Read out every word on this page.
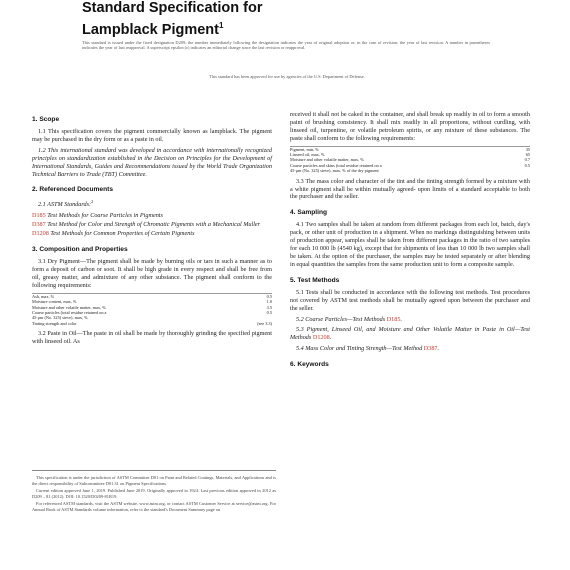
Standard Specification for
Lampblack Pigment$^1$
This standard is issued under the fixed designation D209; the number immediately following the designation indicates the year of original adoption or, in the case of revision, the year of last revision. A number in parentheses indicates the year of last reapproval. A superscript epsilon (ε) indicates an editorial change since the last revision or reapproval.
This standard has been approved for use by agencies of the U.S. Department of Defense.
1. Scope

1.1 This specification covers the pigment commercially known as lampblack. The pigment may be purchased in the dry form or as a paste in oil.

1.2 This international standard was developed in accordance with internationally recognized principles on standardization established in the Decision on Principles for the Development of International Standards, Guides and Recommendations issued by the World Trade Organization Technical Barriers to Trade (TBT) Committee.

2. Referenced Documents

2.1 ASTM Standards:$^2$

D185 Test Methods for Coarse Particles in Pigments
D387 Test Method for Color and Strength of Chromatic Pigments with a Mechanical Muller
D1208 Test Methods for Common Properties of Certain Pigments
3. Composition and Properties

3.1 Dry Pigment—The pigment shall be made by burning oils or tars in such a manner as to form a deposit of carbon or soot. It shall be high grade in every respect and shall be free from oil, greasy matter, and admixture of any other substance. The pigment shall conform to the following requirements:

Ash, max, %	0.5
Moisture content, max, %	1.0
Moisture and other volatile matter, max, %	3.5
Coarse particles (total residue retained on a	0.5
45-μm (No. 325) sieve), max, %	
Tinting strength and color	(see 3.3)

3.2 Paste in Oil—The paste in oil shall be made by thoroughly grinding the specified pigment with linseed oil. As

This specification is under the jurisdiction of ASTM Committee D01 on Paint and Related Coatings, Materials, and Applications and is the direct responsibility of Subcommittee D01.31 on Pigment Specifications.

Current edition approved June 1, 2019. Published June 2019. Originally approved in 1924. Last previous edition approved in 2012 as D209 – 81 (2012). DOI: 10.1520/D0209-81R19.

For referenced ASTM standards, visit the ASTM website, www.astm.org, or contact ASTM Customer Service at service@astm.org. For Annual Book of ASTM Standards volume information, refer to the standard's Document Summary page on

received it shall not be caked in the container, and shall break up readily in oil to form a smooth paint of brushing consistency. It shall mix readily in all proportions, without curdling, with linseed oil, turpentine, or volatile petroleum spirits, or any mixture of these substances. The paste shall conform to the following requirements:

Pigment, min, %	35
Linseed oil, max, %	65
Moisture and other volatile matter, max, %	0.7
Coarse particles and skins (total residue retained on a	0.5
45-μm (No. 325) sieve), max, % of the dry pigment	

3.3 The mass color and character of the tint and the tinting strength formed by a mixture with a white pigment shall be within mutually agreed- upon limits of a standard acceptable to both the purchaser and the seller.

4. Sampling

4.1 Two samples shall be taken at random from different packages from each lot, batch, day's pack, or other unit of production in a shipment. When no markings distinguishing between units of production appear, samples shall be taken from different packages in the ratio of two samples for each 10 000 lb (4540 kg), except that for shipments of less than 10 000 lb two samples shall be taken. At the option of the purchaser, the samples may be tested separately or after blending in equal quantities the samples from the same production unit to form a composite sample.

5. Test Methods

5.1 Tests shall be conducted in accordance with the following test methods. Test procedures not covered by ASTM test methods shall be mutually agreed upon between the purchaser and the seller.

5.2 Coarse Particles—Test Methods D185.

5.3 Pigment, Linseed Oil, and Moisture and Other Volatile Matter in Paste in Oil—Test Methods D1208.

5.4 Mass Color and Tinting Strength—Test Method D387.

6. Keywords
